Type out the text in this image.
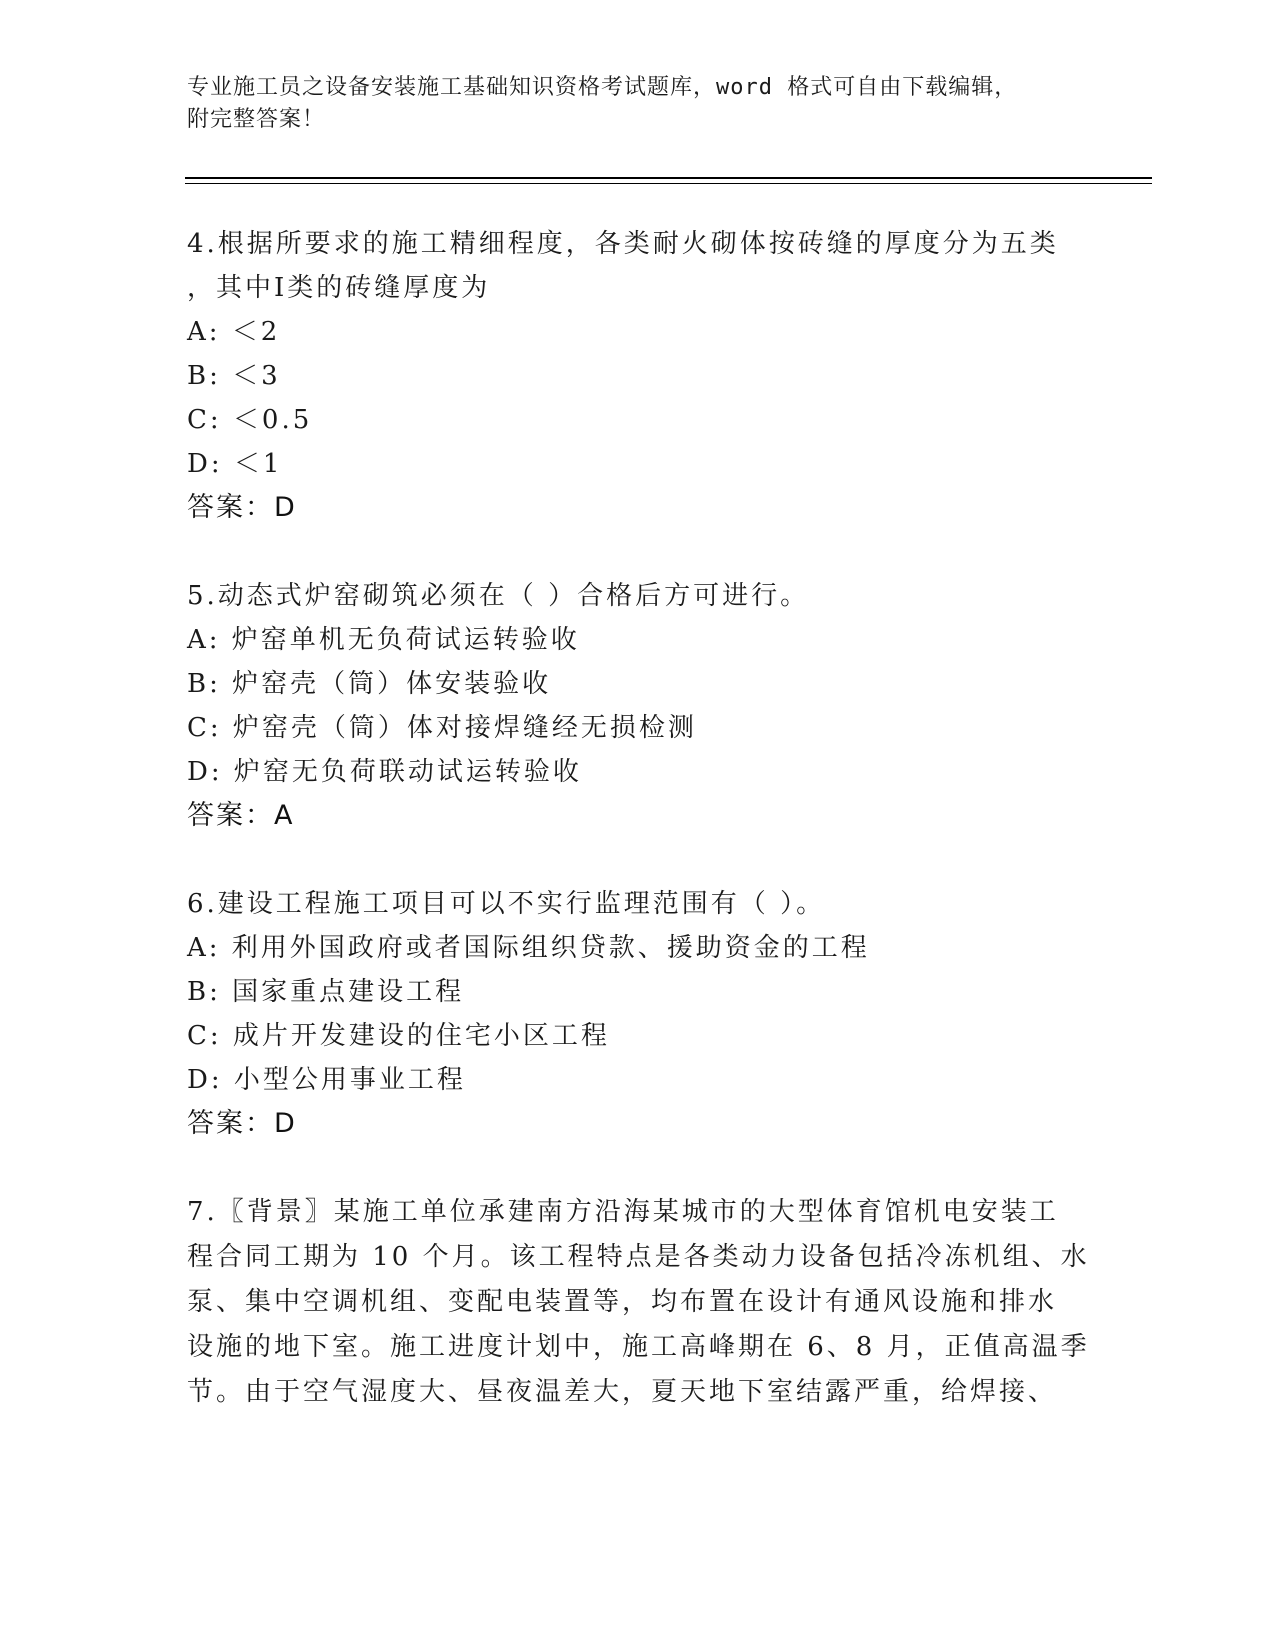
专业施工员之设备安装施工基础知识资格考试题库，word 格式可自由下载编辑，
附完整答案！
4.根据所要求的施工精细程度，各类耐火砌体按砖缝的厚度分为五类
，其中Ⅰ类的砖缝厚度为
A: ＜2
B: ＜3
C: ＜0.5
D: ＜1
答案：D
5.动态式炉窑砌筑必须在（ ）合格后方可进行。
A: 炉窑单机无负荷试运转验收
B: 炉窑壳（筒）体安装验收
C: 炉窑壳（筒）体对接焊缝经无损检测
D: 炉窑无负荷联动试运转验收
答案：A
6.建设工程施工项目可以不实行监理范围有（ ）。
A: 利用外国政府或者国际组织贷款、援助资金的工程
B: 国家重点建设工程
C: 成片开发建设的住宅小区工程
D: 小型公用事业工程
答案：D
7.〖背景〗某施工单位承建南方沿海某城市的大型体育馆机电安装工
程合同工期为 10 个月。该工程特点是各类动力设备包括冷冻机组、水
泵、集中空调机组、变配电装置等，均布置在设计有通风设施和排水
设施的地下室。施工进度计划中，施工高峰期在 6、8 月，正值高温季
节。由于空气湿度大、昼夜温差大，夏天地下室结露严重，给焊接、
